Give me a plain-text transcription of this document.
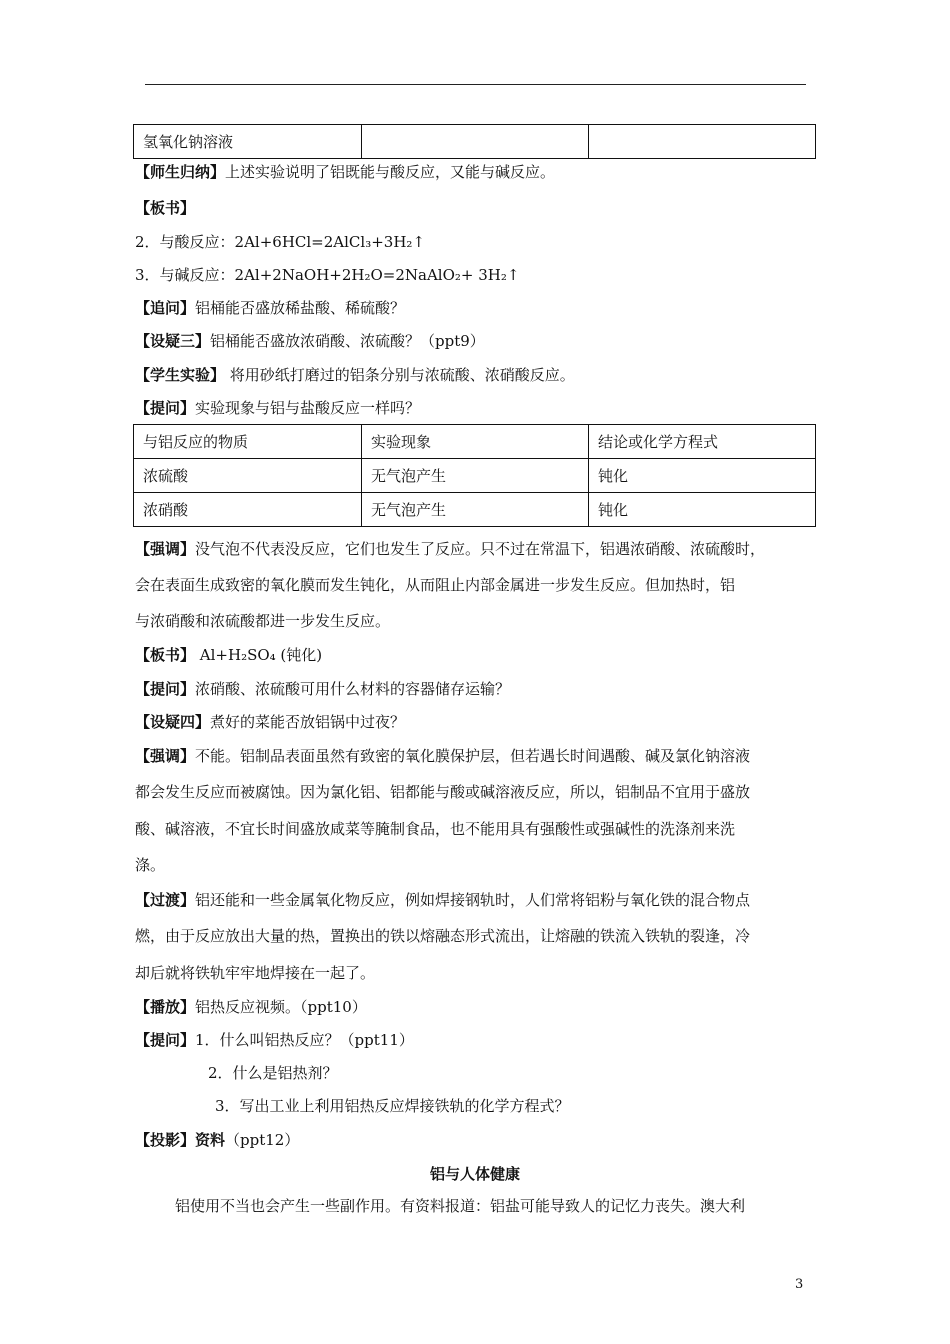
氢氧化钠溶液		
【师生归纳】上述实验说明了铝既能与酸反应，又能与碱反应。
【板书】
2．与酸反应：2Al+6HCl=2AlCl₃+3H₂↑
3．与碱反应：2Al+2NaOH+2H₂O=2NaAlO₂+ 3H₂↑
【追问】铝桶能否盛放稀盐酸、稀硫酸？
【设疑三】铝桶能否盛放浓硝酸、浓硫酸？（ppt9）
【学生实验】 将用砂纸打磨过的铝条分别与浓硫酸、浓硝酸反应。
【提问】实验现象与铝与盐酸反应一样吗？
与铝反应的物质	实验现象	结论或化学方程式
浓硫酸	无气泡产生	钝化
浓硝酸	无气泡产生	钝化
【强调】没气泡不代表没反应，它们也发生了反应。只不过在常温下，铝遇浓硝酸、浓硫酸时，
会在表面生成致密的氧化膜而发生钝化，从而阻止内部金属进一步发生反应。但加热时，铝
与浓硝酸和浓硫酸都进一步发生反应。
【板书】 Al+H₂SO₄ (钝化)
【提问】浓硝酸、浓硫酸可用什么材料的容器储存运输？
【设疑四】煮好的菜能否放铝锅中过夜？
【强调】不能。铝制品表面虽然有致密的氧化膜保护层，但若遇长时间遇酸、碱及氯化钠溶液
都会发生反应而被腐蚀。因为氯化铝、铝都能与酸或碱溶液反应，所以，铝制品不宜用于盛放
酸、碱溶液，不宜长时间盛放咸菜等腌制食品，也不能用具有强酸性或强碱性的洗涤剂来洗
涤。
【过渡】铝还能和一些金属氧化物反应，例如焊接钢轨时，人们常将铝粉与氧化铁的混合物点
燃，由于反应放出大量的热，置换出的铁以熔融态形式流出，让熔融的铁流入铁轨的裂逢，冷
却后就将铁轨牢牢地焊接在一起了。
【播放】铝热反应视频。（ppt10）
【提问】1．什么叫铝热反应？（ppt11）
2．什么是铝热剂？
3．写出工业上利用铝热反应焊接铁轨的化学方程式？
【投影】资料（ppt12）
铝与人体健康
铝使用不当也会产生一些副作用。有资料报道：铝盐可能导致人的记忆力丧失。澳大利
3
